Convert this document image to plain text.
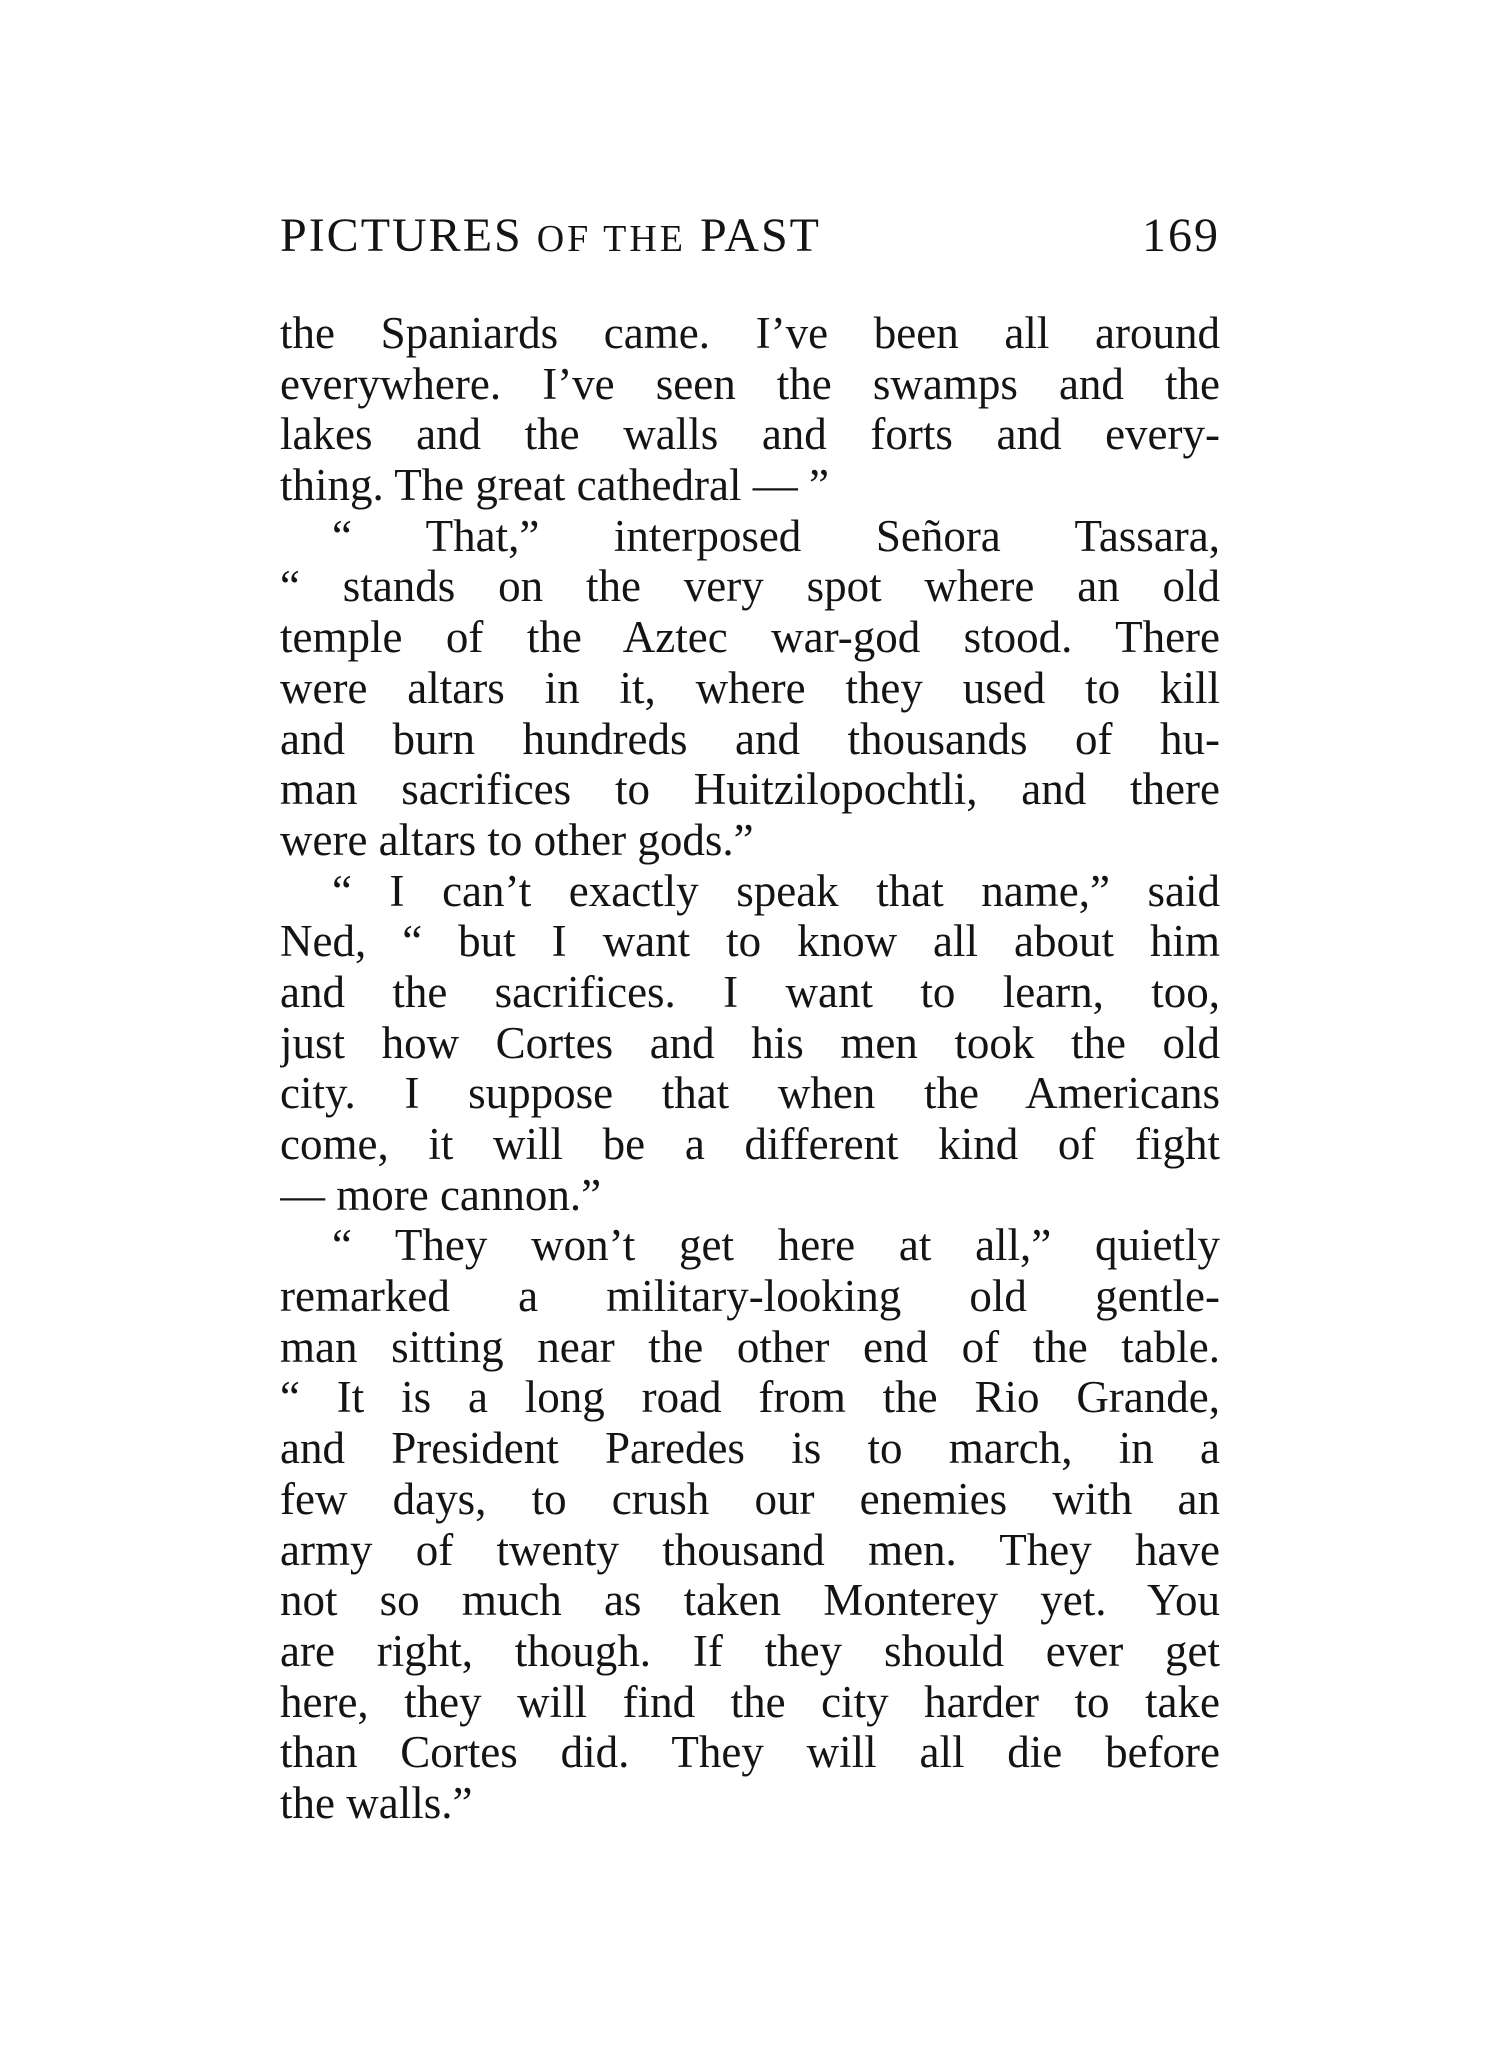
PICTURES OF THE PAST	169
the Spaniards came. I’ve been all around
everywhere. I’ve seen the swamps and the
lakes and the walls and forts and every-
thing. The great cathedral — ”
“ That,” interposed Señora Tassara,
“ stands on the very spot where an old
temple of the Aztec war-god stood. There
were altars in it, where they used to kill
and burn hundreds and thousands of hu-
man sacrifices to Huitzilopochtli, and there
were altars to other gods.”
“ I can’t exactly speak that name,” said
Ned, “ but I want to know all about him
and the sacrifices. I want to learn, too,
just how Cortes and his men took the old
city. I suppose that when the Americans
come, it will be a different kind of fight
— more cannon.”
“ They won’t get here at all,” quietly
remarked a military-looking old gentle-
man sitting near the other end of the table.
“ It is a long road from the Rio Grande,
and President Paredes is to march, in a
few days, to crush our enemies with an
army of twenty thousand men. They have
not so much as taken Monterey yet. You
are right, though. If they should ever get
here, they will find the city harder to take
than Cortes did. They will all die before
the walls.”
